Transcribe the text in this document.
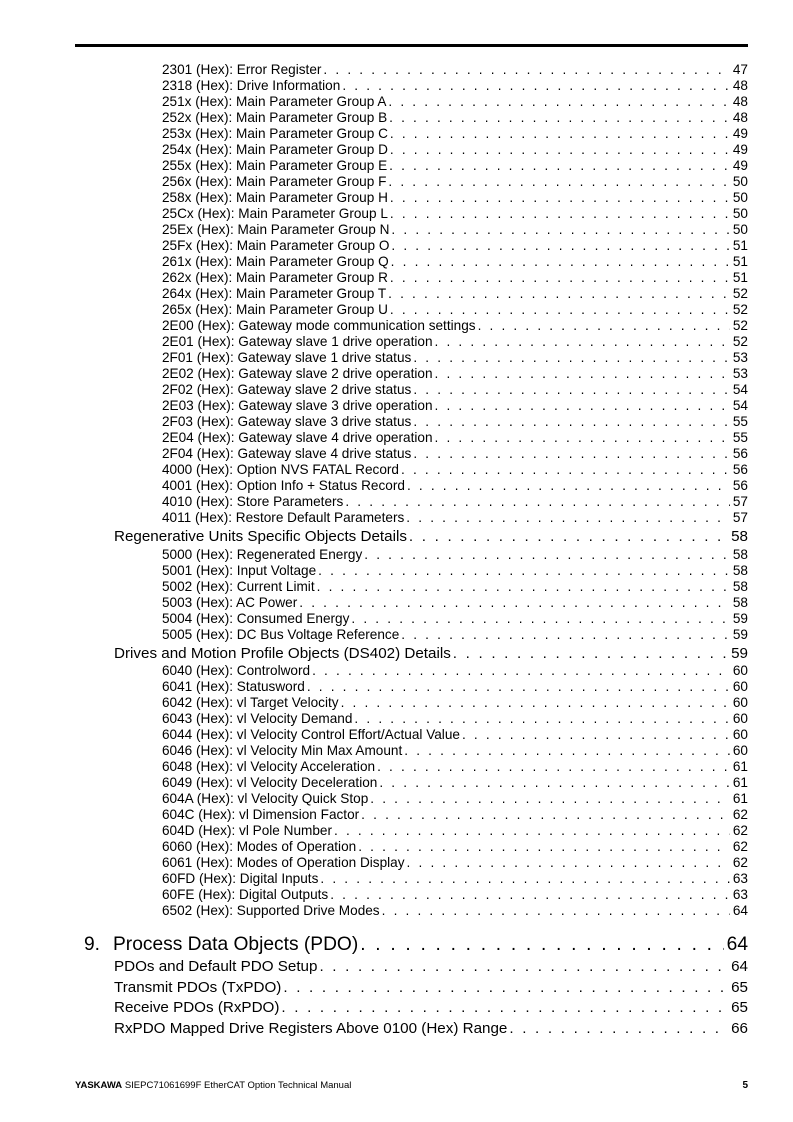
2301 (Hex): Error Register . . .	47
2318 (Hex): Drive Information . . .	48
251x (Hex): Main Parameter Group A . . .	48
252x (Hex): Main Parameter Group B . . .	48
253x (Hex): Main Parameter Group C . . .	49
254x (Hex): Main Parameter Group D . . .	49
255x (Hex): Main Parameter Group E . . .	49
256x (Hex): Main Parameter Group F . . .	50
258x (Hex): Main Parameter Group H . . .	50
25Cx (Hex): Main Parameter Group L . . .	50
25Ex (Hex): Main Parameter Group N . . .	50
25Fx (Hex): Main Parameter Group O . . .	51
261x (Hex): Main Parameter Group Q . . .	51
262x (Hex): Main Parameter Group R . . .	51
264x (Hex): Main Parameter Group T . . .	52
265x (Hex): Main Parameter Group U . . .	52
2E00 (Hex): Gateway mode communication settings . . .	52
2E01 (Hex): Gateway slave 1 drive operation . . .	52
2F01 (Hex): Gateway slave 1 drive status . . .	53
2E02 (Hex): Gateway slave 2 drive operation . . .	53
2F02 (Hex): Gateway slave 2 drive status . . .	54
2E03 (Hex): Gateway slave 3 drive operation . . .	54
2F03 (Hex): Gateway slave 3 drive status . . .	55
2E04 (Hex): Gateway slave 4 drive operation . . .	55
2F04 (Hex): Gateway slave 4 drive status . . .	56
4000 (Hex): Option NVS FATAL Record . . .	56
4001 (Hex): Option Info + Status Record . . .	56
4010 (Hex): Store Parameters . . .	57
4011 (Hex): Restore Default Parameters . . .	57
Regenerative Units Specific Objects Details . . .	58
5000 (Hex): Regenerated Energy . . .	58
5001 (Hex): Input Voltage . . .	58
5002 (Hex): Current Limit . . .	58
5003 (Hex): AC Power . . .	58
5004 (Hex): Consumed Energy . . .	59
5005 (Hex): DC Bus Voltage Reference . . .	59
Drives and Motion Profile Objects (DS402) Details . . .	59
6040 (Hex): Controlword . . .	60
6041 (Hex): Statusword . . .	60
6042 (Hex): vl Target Velocity . . .	60
6043 (Hex): vl Velocity Demand . . .	60
6044 (Hex): vl Velocity Control Effort/Actual Value . . .	60
6046 (Hex): vl Velocity Min Max Amount . . .	60
6048 (Hex): vl Velocity Acceleration . . .	61
6049 (Hex): vl Velocity Deceleration . . .	61
604A (Hex): vl Velocity Quick Stop . . .	61
604C (Hex): vl Dimension Factor . . .	62
604D (Hex): vl Pole Number . . .	62
6060 (Hex): Modes of Operation . . .	62
6061 (Hex): Modes of Operation Display . . .	62
60FD (Hex): Digital Inputs . . .	63
60FE (Hex): Digital Outputs . . .	63
6502 (Hex): Supported Drive Modes . . .	64
9. Process Data Objects (PDO) . . .	64
PDOs and Default PDO Setup . . .	64
Transmit PDOs (TxPDO) . . .	65
Receive PDOs (RxPDO) . . .	65
RxPDO Mapped Drive Registers Above 0100 (Hex) Range . . .	66
YASKAWA SIEPC71061699F EtherCAT Option Technical Manual	5
